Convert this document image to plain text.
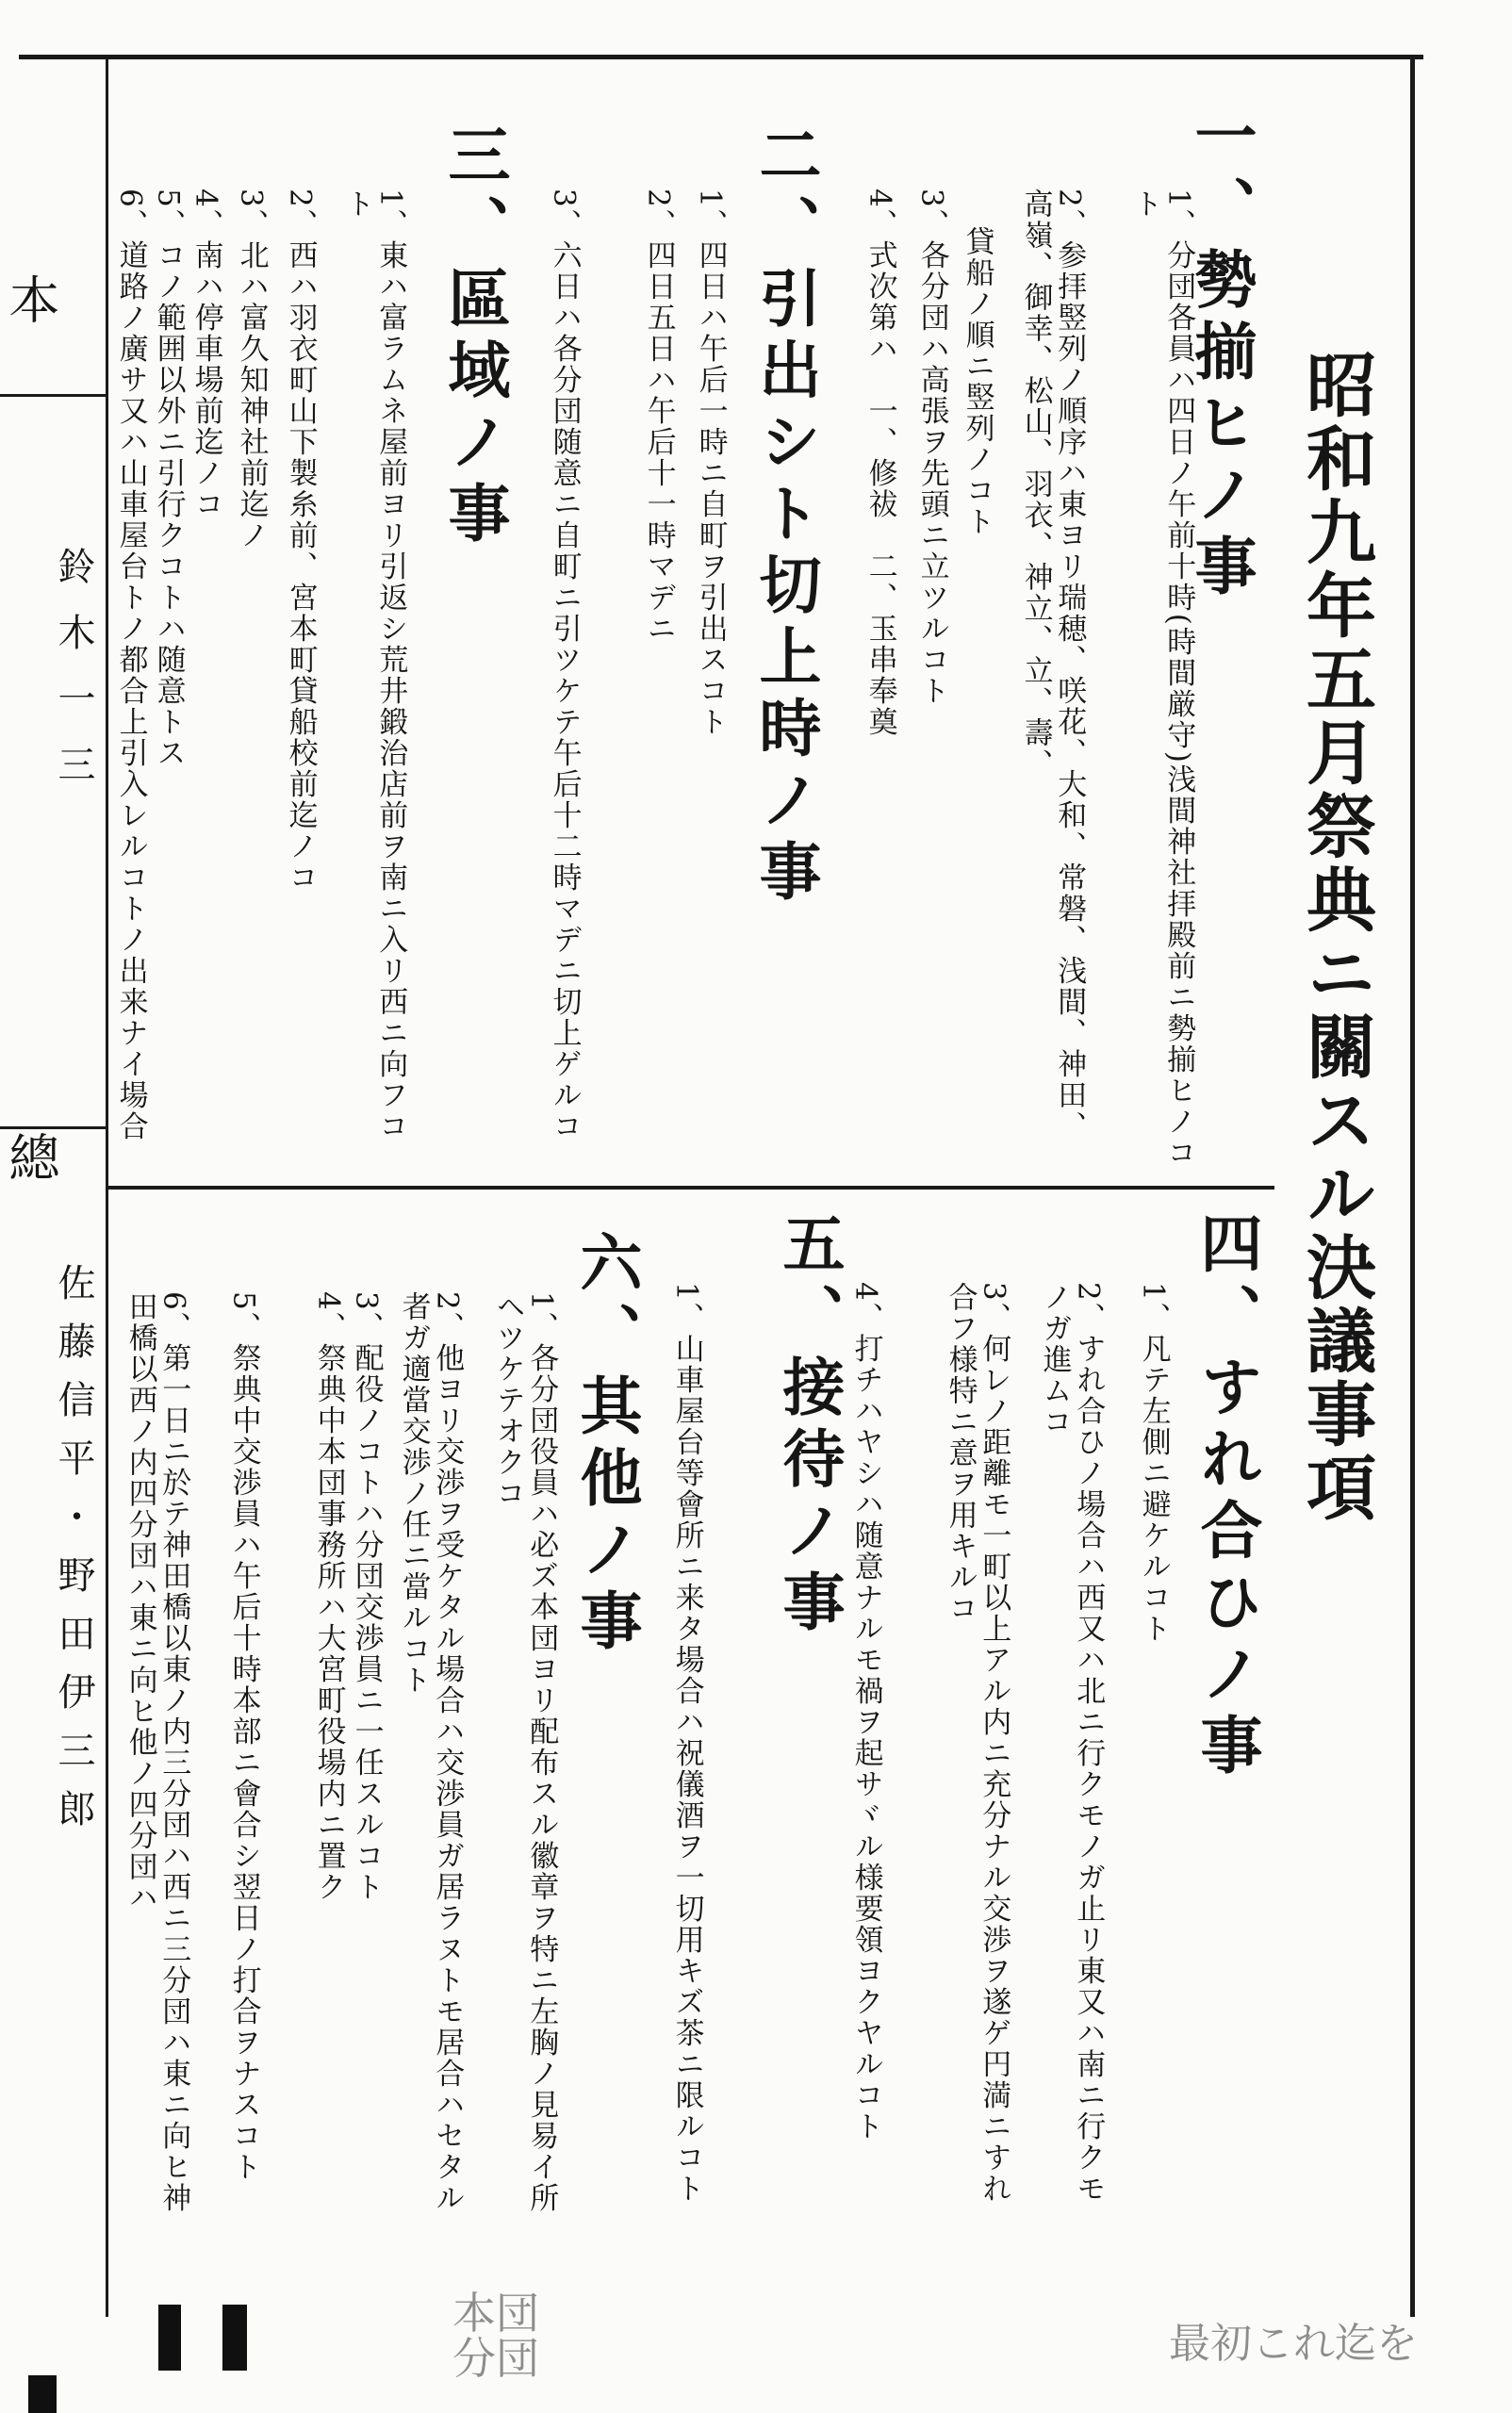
昭和九年五月祭典ニ關スル決議事項
一、勢揃ヒノ事
1、分団各員ハ四日ノ午前十時(時間厳守)浅間神社拝殿前ニ勢揃ヒノコト
2、参拝竪列ノ順序ハ東ヨリ瑞穂、咲花、大和、常磐、浅間、神田、高嶺、御幸、松山、羽衣、神立、立、壽、
貸船ノ順ニ竪列ノコト
3、各分団ハ高張ヲ先頭ニ立ツルコト
4、式次第ハ　一、修祓　二、玉串奉奠
二、引出シト切上時ノ事
1、四日ハ午后一時ニ自町ヲ引出スコト
2、四日五日ハ午后十一時マデニ
3、六日ハ各分団随意ニ自町ニ引ツケテ午后十二時マデニ切上ゲルコ
三、區域ノ事
1、東ハ富ラムネ屋前ヨリ引返シ荒井鍛治店前ヲ南ニ入リ西ニ向フコト
2、西ハ羽衣町山下製糸前、宮本町貸船校前迄ノコ
3、北ハ富久知神社前迄ノ
4、南ハ停車場前迄ノコ
5、コノ範囲以外ニ引行クコトハ随意トス
6、道路ノ廣サ又ハ山車屋台トノ都合上引入レルコトノ出来ナイ場合
四、すれ合ひノ事
1、凡テ左側ニ避ケルコト
2、すれ合ひノ場合ハ西又ハ北ニ行クモノガ止リ東又ハ南ニ行クモノガ進ムコ
3、何レノ距離モ一町以上アル内ニ充分ナル交渉ヲ遂ゲ円満ニすれ合フ様特ニ意ヲ用キルコ
4、打チハヤシハ随意ナルモ禍ヲ起サヾル様要領ヨクヤルコト
五、接待ノ事
1、山車屋台等會所ニ来タ場合ハ祝儀酒ヲ一切用キズ茶ニ限ルコト
六、其他ノ事
1、各分団役員ハ必ズ本団ヨリ配布スル徽章ヲ特ニ左胸ノ見易イ所ヘツケテオクコ
2、他ヨリ交渉ヲ受ケタル場合ハ交渉員ガ居ラヌトモ居合ハセタル者ガ適當交渉ノ任ニ當ルコト
3、配役ノコトハ分団交渉員ニ一任スルコト
4、祭典中本団事務所ハ大宮町役場内ニ置ク
5、祭典中交渉員ハ午后十時本部ニ會合シ翌日ノ打合ヲナスコト
6、第一日ニ於テ神田橋以東ノ内三分団ハ西ニ三分団ハ東ニ向ヒ神田橋以西ノ内四分団ハ東ニ向ヒ他ノ四分団ハ
本
總
鈴木一三
佐藤信平・野田伊三郎
本団
分団	最初これ迄を
